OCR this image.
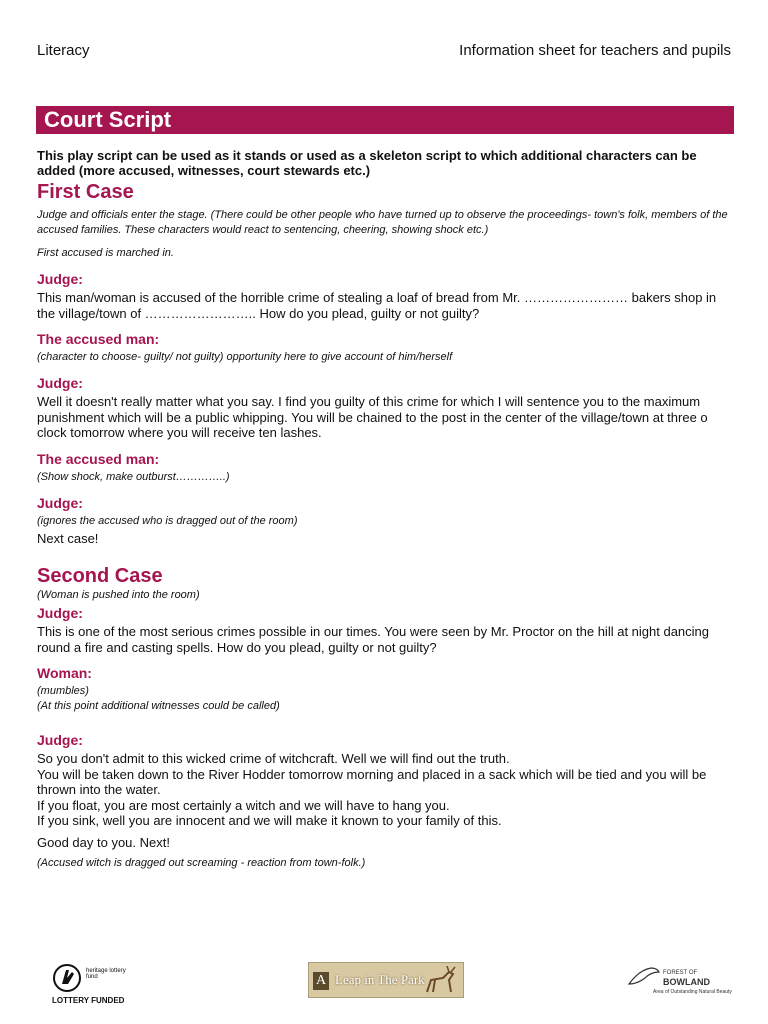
Literacy	Information sheet for teachers and pupils
Court Script

This play script can be used as it stands or used as a skeleton script to which additional characters can be added (more accused, witnesses, court stewards etc.)

First Case

Judge and officials enter the stage. (There could be other people who have turned up to observe the proceedings- town's folk, members of the accused families. These characters would react to sentencing, cheering, showing shock etc.)

First accused is marched in.

Judge:

This man/woman is accused of the horrible crime of stealing a loaf of bread from Mr. …………………… bakers shop in the village/town of …………………….. How do you plead, guilty or not guilty?

The accused man:

(character to choose- guilty/ not guilty) opportunity here to give account of him/herself

Judge:

Well it doesn't really matter what you say. I find you guilty of this crime for which I will sentence you to the maximum punishment which will be a public whipping. You will be chained to the post in the center of the village/town at three o clock tomorrow where you will receive ten lashes.

The accused man:

(Show shock, make outburst…………..)

Judge:

(ignores the accused who is dragged out of the room)

Next case!

Second Case

(Woman is pushed into the room)

Judge:

This is one of the most serious crimes possible in our times. You were seen by Mr. Proctor on the hill at night dancing round a fire and casting spells. How do you plead, guilty or not guilty?

Woman:

(mumbles)

(At this point additional witnesses could be called)

Judge:

So you don't admit to this wicked crime of witchcraft. Well we will find out the truth.

You will be taken down to the River Hodder tomorrow morning and placed in a sack which will be tied and you will be thrown into the water.

If you float, you are most certainly a witch and we will have to hang you.

If you sink, well you are innocent and we will make it known to your family of this.

Good day to you. Next!

(Accused witch is dragged out screaming - reaction from town-folk.)

heritage lottery fund
LOTTERY FUNDED
A Leap in The Park	FOREST OF
BOWLAND
Area of Outstanding Natural Beauty
